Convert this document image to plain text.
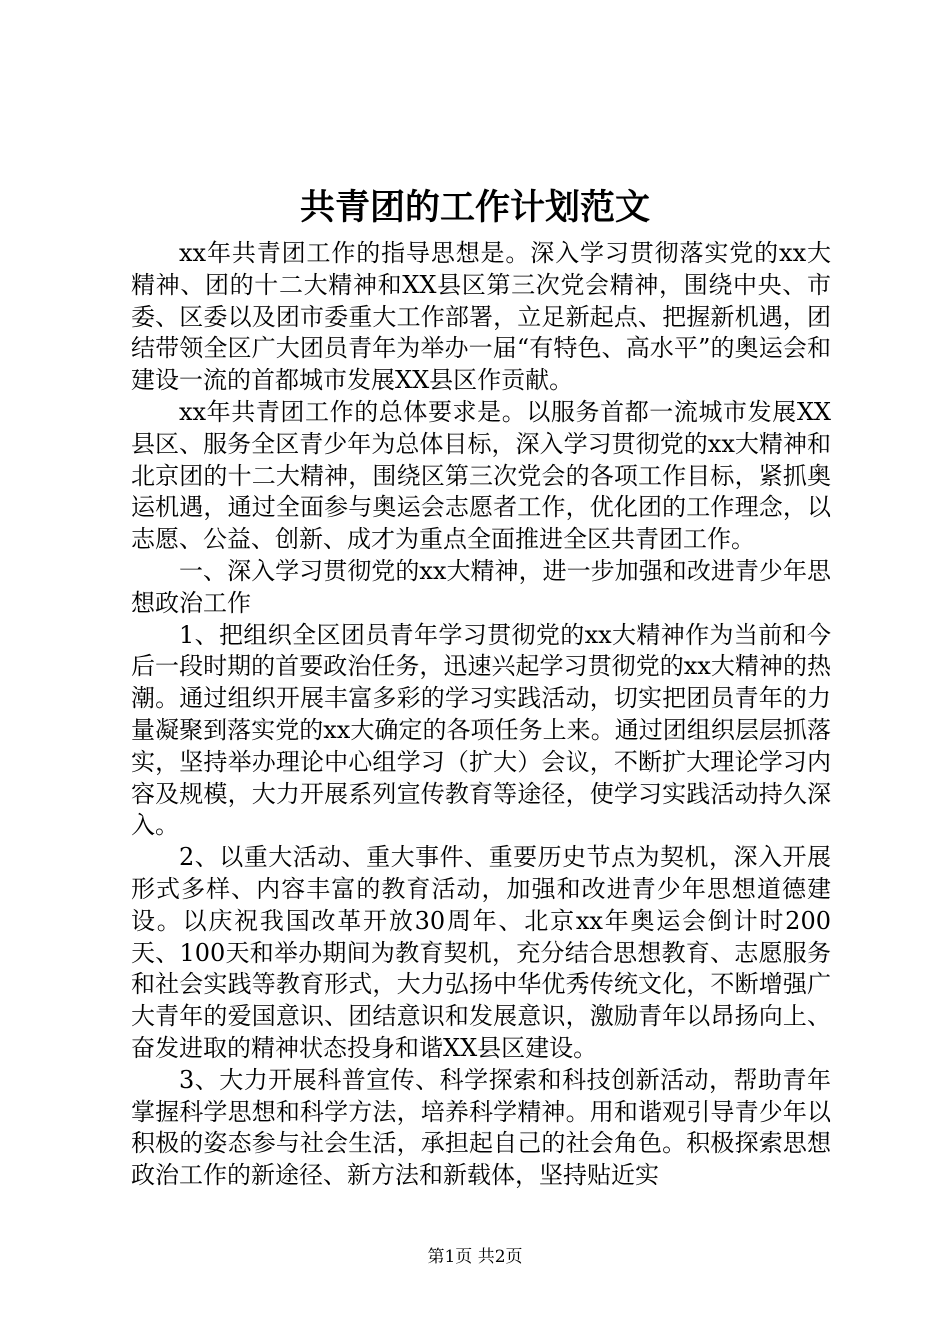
共青团的工作计划范文

xx年共青团工作的指导思想是。深入学习贯彻落实党的xx大精神、团的十二大精神和XX县区第三次党会精神，围绕中央、市委、区委以及团市委重大工作部署，立足新起点、把握新机遇，团结带领全区广大团员青年为举办一届“有特色、高水平”的奥运会和建设一流的首都城市发展XX县区作贡献。

xx年共青团工作的总体要求是。以服务首都一流城市发展XX县区、服务全区青少年为总体目标，深入学习贯彻党的xx大精神和北京团的十二大精神，围绕区第三次党会的各项工作目标，紧抓奥运机遇，通过全面参与奥运会志愿者工作，优化团的工作理念，以志愿、公益、创新、成才为重点全面推进全区共青团工作。

一、深入学习贯彻党的xx大精神，进一步加强和改进青少年思想政治工作

1、把组织全区团员青年学习贯彻党的xx大精神作为当前和今后一段时期的首要政治任务，迅速兴起学习贯彻党的xx大精神的热潮。通过组织开展丰富多彩的学习实践活动，切实把团员青年的力量凝聚到落实党的xx大确定的各项任务上来。通过团组织层层抓落实，坚持举办理论中心组学习（扩大）会议，不断扩大理论学习内容及规模，大力开展系列宣传教育等途径，使学习实践活动持久深入。

2、以重大活动、重大事件、重要历史节点为契机，深入开展形式多样、内容丰富的教育活动，加强和改进青少年思想道德建设。以庆祝我国改革开放30周年、北京xx年奥运会倒计时200天、100天和举办期间为教育契机，充分结合思想教育、志愿服务和社会实践等教育形式，大力弘扬中华优秀传统文化，不断增强广大青年的爱国意识、团结意识和发展意识，激励青年以昂扬向上、奋发进取的精神状态投身和谐XX县区建设。

3、大力开展科普宣传、科学探索和科技创新活动，帮助青年掌握科学思想和科学方法，培养科学精神。用和谐观引导青少年以积极的姿态参与社会生活，承担起自己的社会角色。积极探索思想政治工作的新途径、新方法和新载体，坚持贴近实

第1页 共2页
